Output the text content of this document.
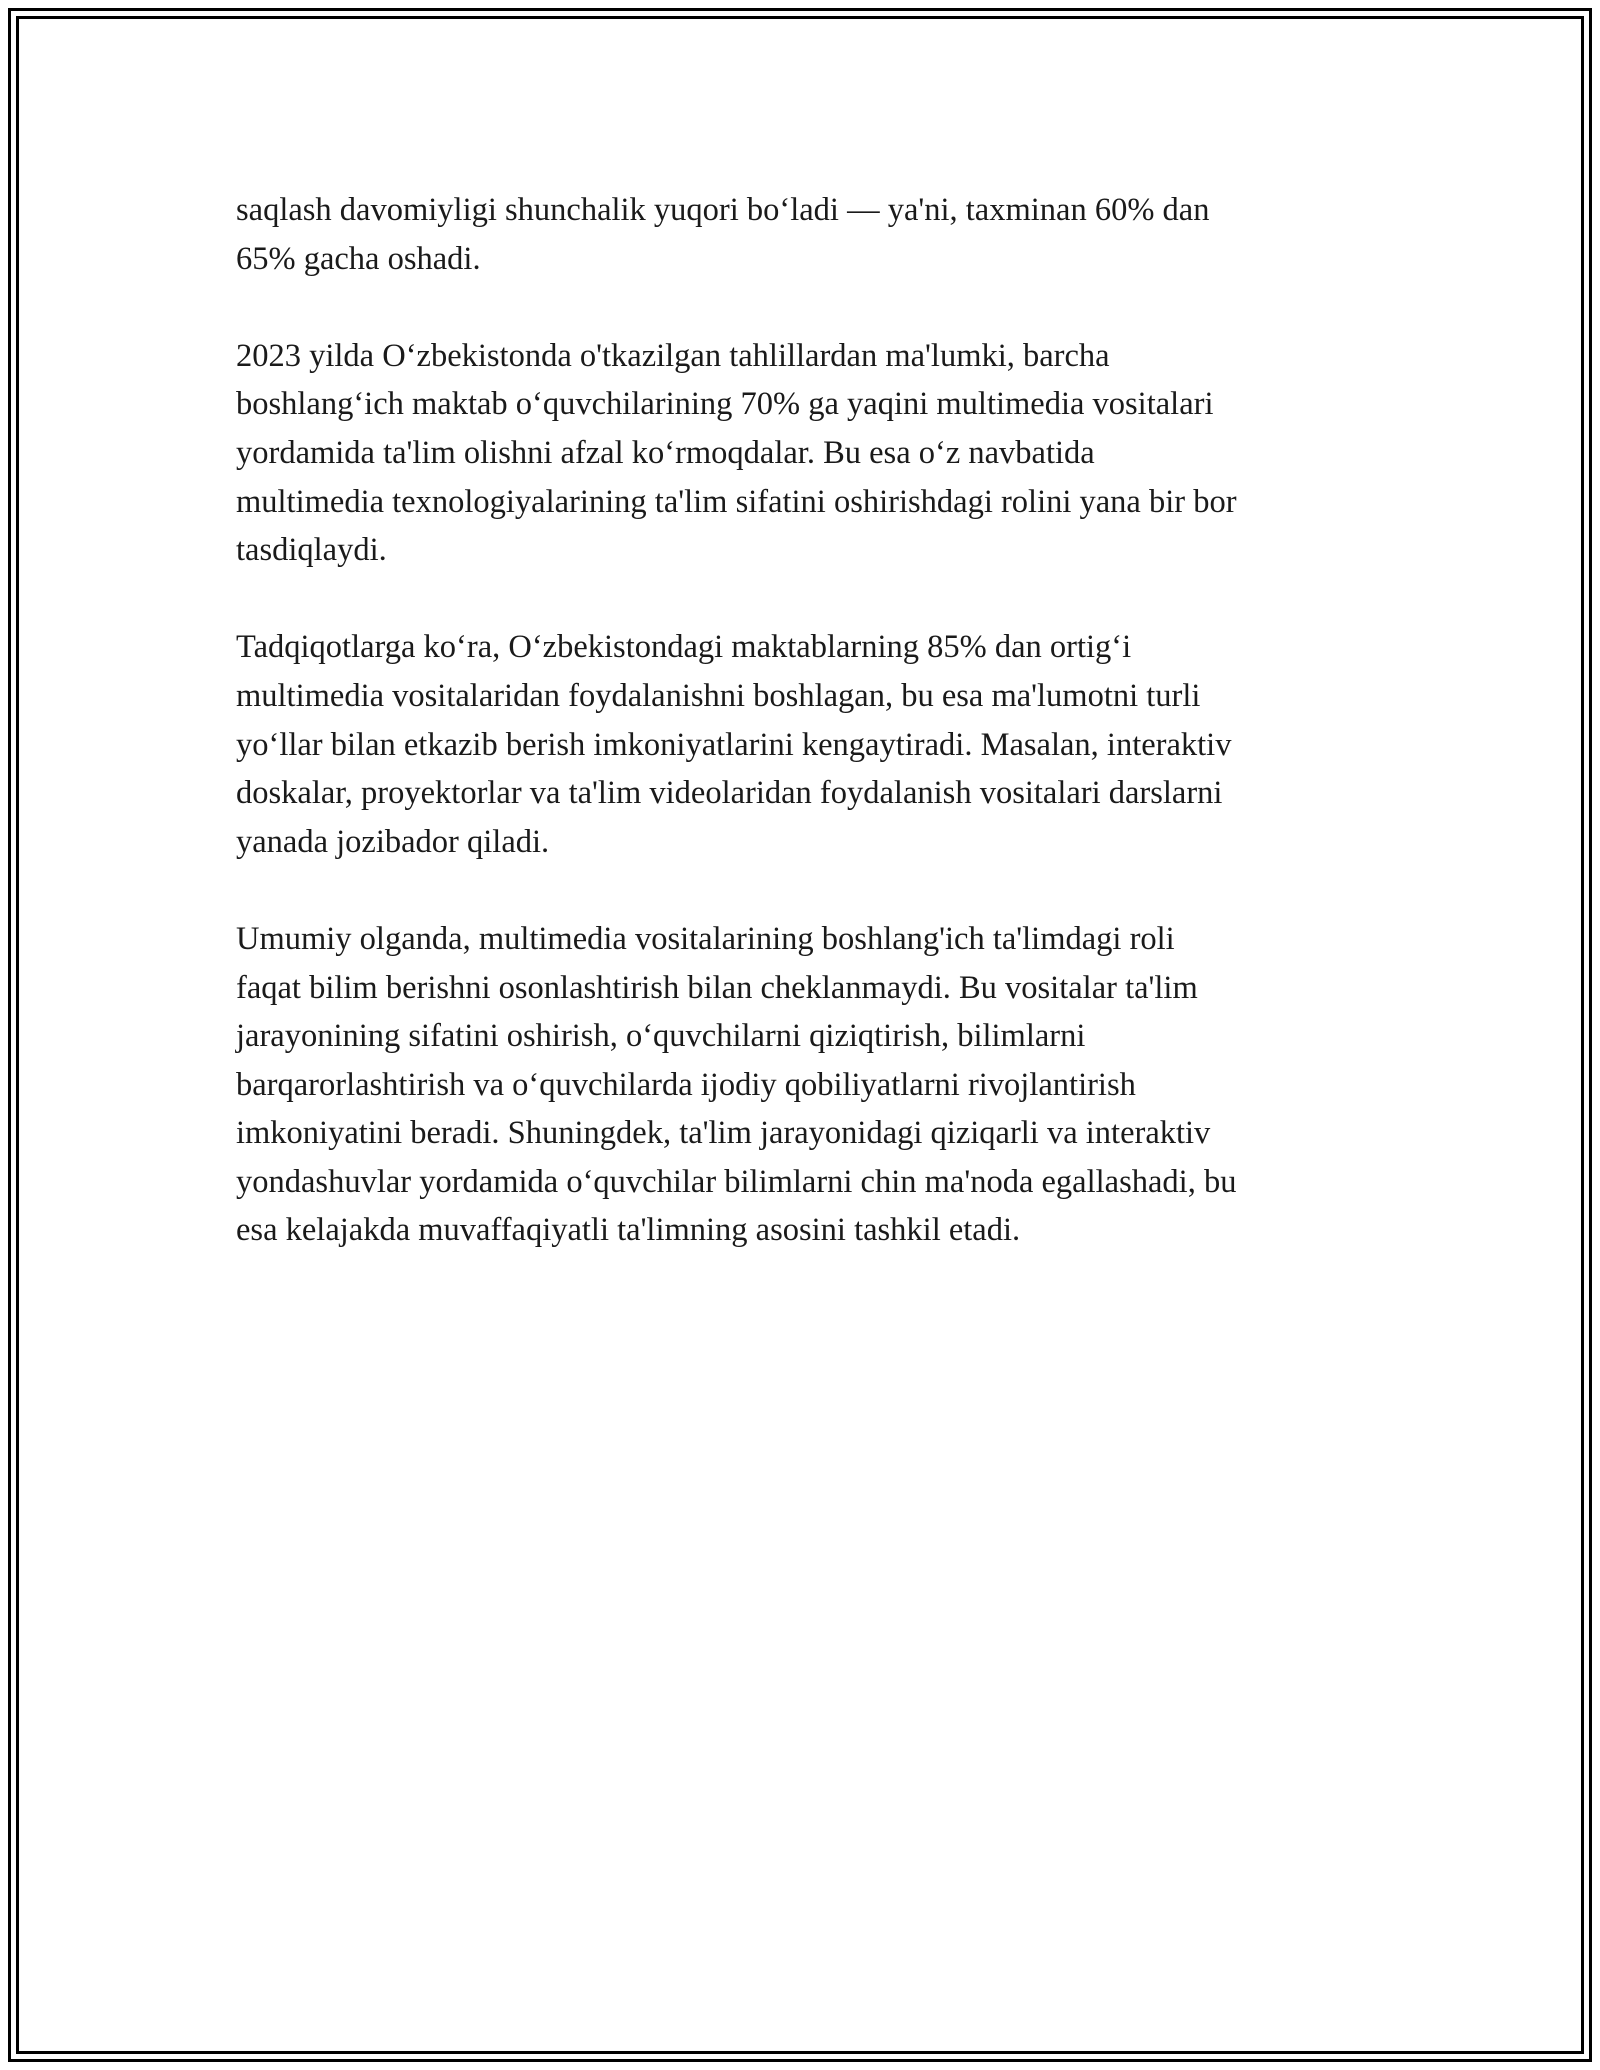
saqlash davomiyligi shunchalik yuqori bo‘ladi — ya'ni, taxminan 60% dan
65% gacha oshadi.

2023 yilda O‘zbekistonda o'tkazilgan tahlillardan ma'lumki, barcha
boshlang‘ich maktab o‘quvchilarining 70% ga yaqini multimedia vositalari
yordamida ta'lim olishni afzal ko‘rmoqdalar. Bu esa o‘z navbatida
multimedia texnologiyalarining ta'lim sifatini oshirishdagi rolini yana bir bor
tasdiqlaydi.

Tadqiqotlarga ko‘ra, O‘zbekistondagi maktablarning 85% dan ortig‘i
multimedia vositalaridan foydalanishni boshlagan, bu esa ma'lumotni turli
yo‘llar bilan etkazib berish imkoniyatlarini kengaytiradi. Masalan, interaktiv
doskalar, proyektorlar va ta'lim videolaridan foydalanish vositalari darslarni
yanada jozibador qiladi.

Umumiy olganda, multimedia vositalarining boshlang'ich ta'limdagi roli
faqat bilim berishni osonlashtirish bilan cheklanmaydi. Bu vositalar ta'lim
jarayonining sifatini oshirish, o‘quvchilarni qiziqtirish, bilimlarni
barqarorlashtirish va o‘quvchilarda ijodiy qobiliyatlarni rivojlantirish
imkoniyatini beradi. Shuningdek, ta'lim jarayonidagi qiziqarli va interaktiv
yondashuvlar yordamida o‘quvchilar bilimlarni chin ma'noda egallashadi, bu
esa kelajakda muvaffaqiyatli ta'limning asosini tashkil etadi.
